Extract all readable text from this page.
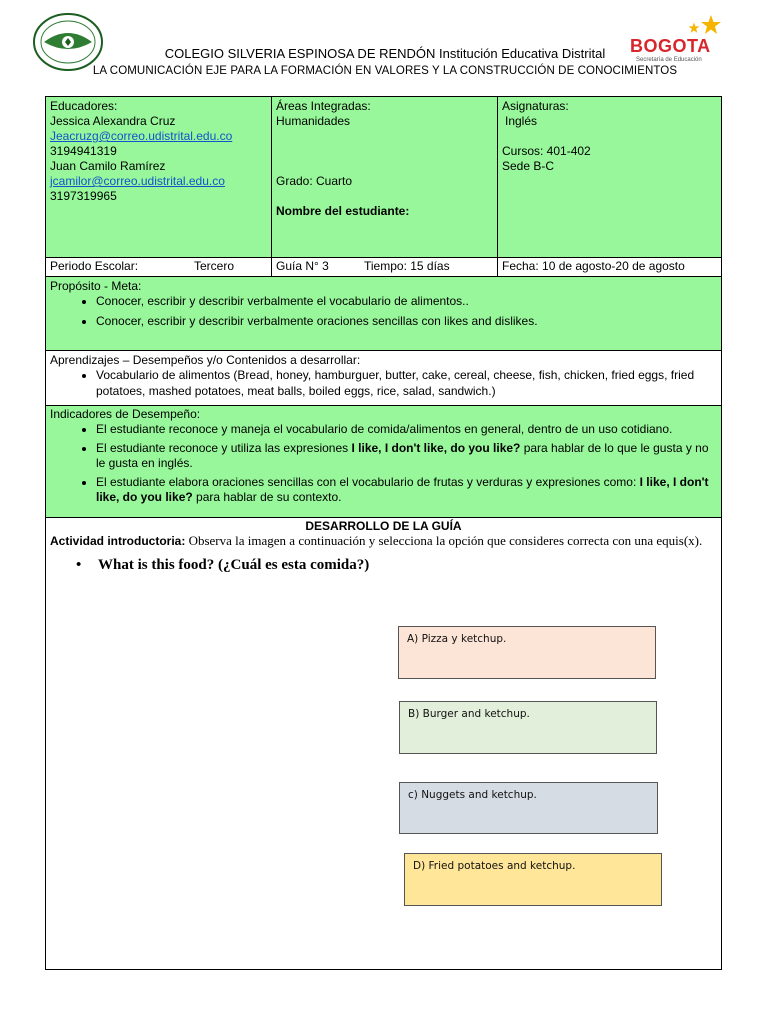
COLEGIO SILVERIA ESPINOSA DE RENDÓN Institución Educativa Distrital
LA COMUNICACIÓN EJE PARA LA FORMACIÓN EN VALORES Y LA CONSTRUCCIÓN DE CONOCIMIENTOS
BOGOTA
Secretaría de Educación
Educadores:
Jessica Alexandra Cruz
Jeacruzg@correo.udistrital.edu.co
3194941319
Juan Camilo Ramírez
jcamilor@correo.udistrital.edu.co
3197319965
Áreas Integradas:
Humanidades
Grado: Cuarto
Nombre del estudiante:
Asignaturas:
Inglés
Cursos: 401-402
Sede B-C
Periodo Escolar:	Tercero	Guía N° 3	Tiempo: 15 días	Fecha: 10 de agosto-20 de agosto
Propósito - Meta:
• Conocer, escribir y describir verbalmente el vocabulario de alimentos..
• Conocer, escribir y describir verbalmente oraciones sencillas con likes and dislikes.
Aprendizajes – Desempeños y/o Contenidos a desarrollar:
• Vocabulario de alimentos (Bread, honey, hamburguer, butter, cake, cereal, cheese, fish, chicken, fried eggs, fried potatoes, mashed potatoes, meat balls, boiled eggs, rice, salad, sandwich.)
Indicadores de Desempeño:
• El estudiante reconoce y maneja el vocabulario de comida/alimentos en general, dentro de un uso cotidiano.
• El estudiante reconoce y utiliza las expresiones I like, I don't like, do you like? para hablar de lo que le gusta y no le gusta en inglés.
• El estudiante elabora oraciones sencillas con el vocabulario de frutas y verduras y expresiones como: I like, I don't like, do you like? para hablar de su contexto.
DESARROLLO DE LA GUÍA
Actividad introductoria: Observa la imagen a continuación y selecciona la opción que consideres correcta con una equis(x).
• What is this food? (¿Cuál es esta comida?)
A) Pizza y ketchup.
B) Burger and ketchup.
c) Nuggets and ketchup.
D) Fried potatoes and ketchup.
